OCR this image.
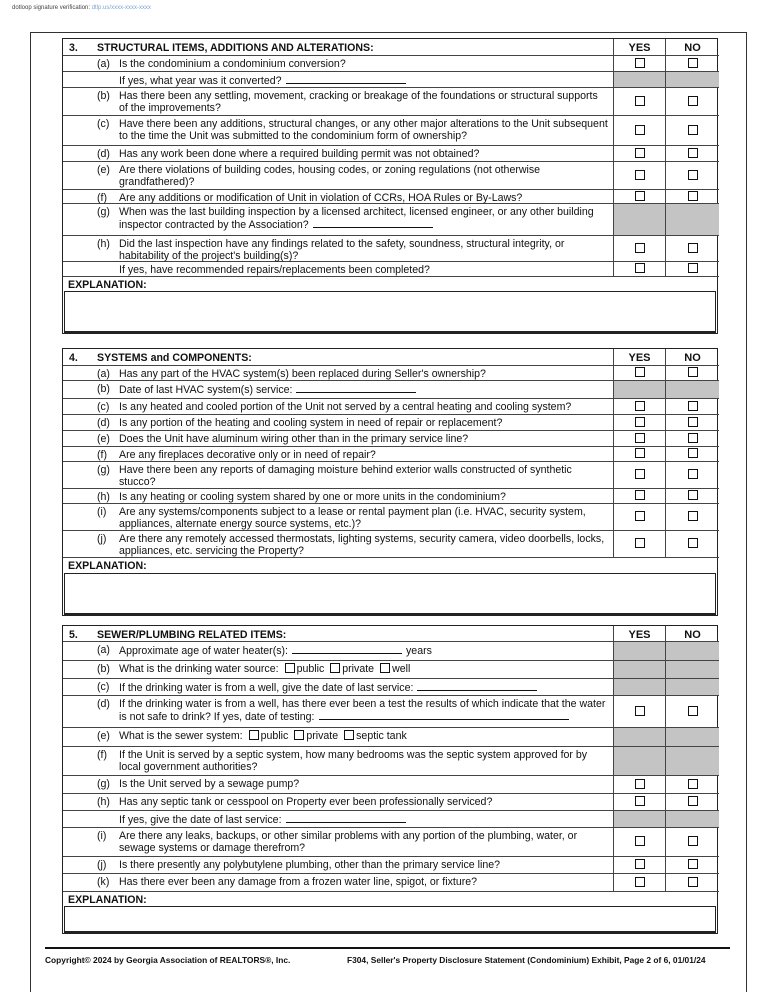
dotloop signature verification: dtlp.us/xxxx-xxxx-xxxx
3. STRUCTURAL ITEMS, ADDITIONS AND ALTERATIONS:	YES	NO
(a) Is the condominium a condominium conversion?
If yes, what year was it converted?
(b) Has there been any settling, movement, cracking or breakage of the foundations or structural supports of the improvements?
(c) Have there been any additions, structural changes, or any other major alterations to the Unit subsequent to the time the Unit was submitted to the condominium form of ownership?
(d) Has any work been done where a required building permit was not obtained?
(e) Are there violations of building codes, housing codes, or zoning regulations (not otherwise grandfathered)?
(f)	Are any additions or modification of Unit in violation of CCRs, HOA Rules or By-Laws?
(g) When was the last building inspection by a licensed architect, licensed engineer, or any other building inspector contracted by the Association?
(h) Did the last inspection have any findings related to the safety, soundness, structural integrity, or habitability of the project's building(s)?
If yes, have recommended repairs/replacements been completed?
EXPLANATION:
4. SYSTEMS and COMPONENTS:	YES	NO
(a) Has any part of the HVAC system(s) been replaced during Seller's ownership?
(b) Date of last HVAC system(s) service:
(c) Is any heated and cooled portion of the Unit not served by a central heating and cooling system?
(d) Is any portion of the heating and cooling system in need of repair or replacement?
(e) Does the Unit have aluminum wiring other than in the primary service line?
(f)	Are any fireplaces decorative only or in need of repair?
(g) Have there been any reports of damaging moisture behind exterior walls constructed of synthetic stucco?
(h) Is any heating or cooling system shared by one or more units in the condominium?
(i)	Are any systems/components subject to a lease or rental payment plan (i.e. HVAC, security system, appliances, alternate energy source systems, etc.)?
(j)	Are there any remotely accessed thermostats, lighting systems, security camera, video doorbells, locks, appliances, etc. servicing the Property?
EXPLANATION:
5. SEWER/PLUMBING RELATED ITEMS:	YES	NO
(a) Approximate age of water heater(s):	years
(b) What is the drinking water source: public private well
(c) If the drinking water is from a well, give the date of last service:
(d) If the drinking water is from a well, has there ever been a test the results of which indicate that the water is not safe to drink? If yes, date of testing:
(e) What is the sewer system: public private septic tank
(f)	If the Unit is served by a septic system, how many bedrooms was the septic system approved for by local government authorities?
(g) Is the Unit served by a sewage pump?
(h) Has any septic tank or cesspool on Property ever been professionally serviced?
If yes, give the date of last service:
(i)	Are there any leaks, backups, or other similar problems with any portion of the plumbing, water, or sewage systems or damage therefrom?
(j)	Is there presently any polybutylene plumbing, other than the primary service line?
(k) Has there ever been any damage from a frozen water line, spigot, or fixture?
EXPLANATION:
Copyright© 2024 by Georgia Association of REALTORS®, Inc.	F304, Seller's Property Disclosure Statement (Condominium) Exhibit, Page 2 of 6, 01/01/24
